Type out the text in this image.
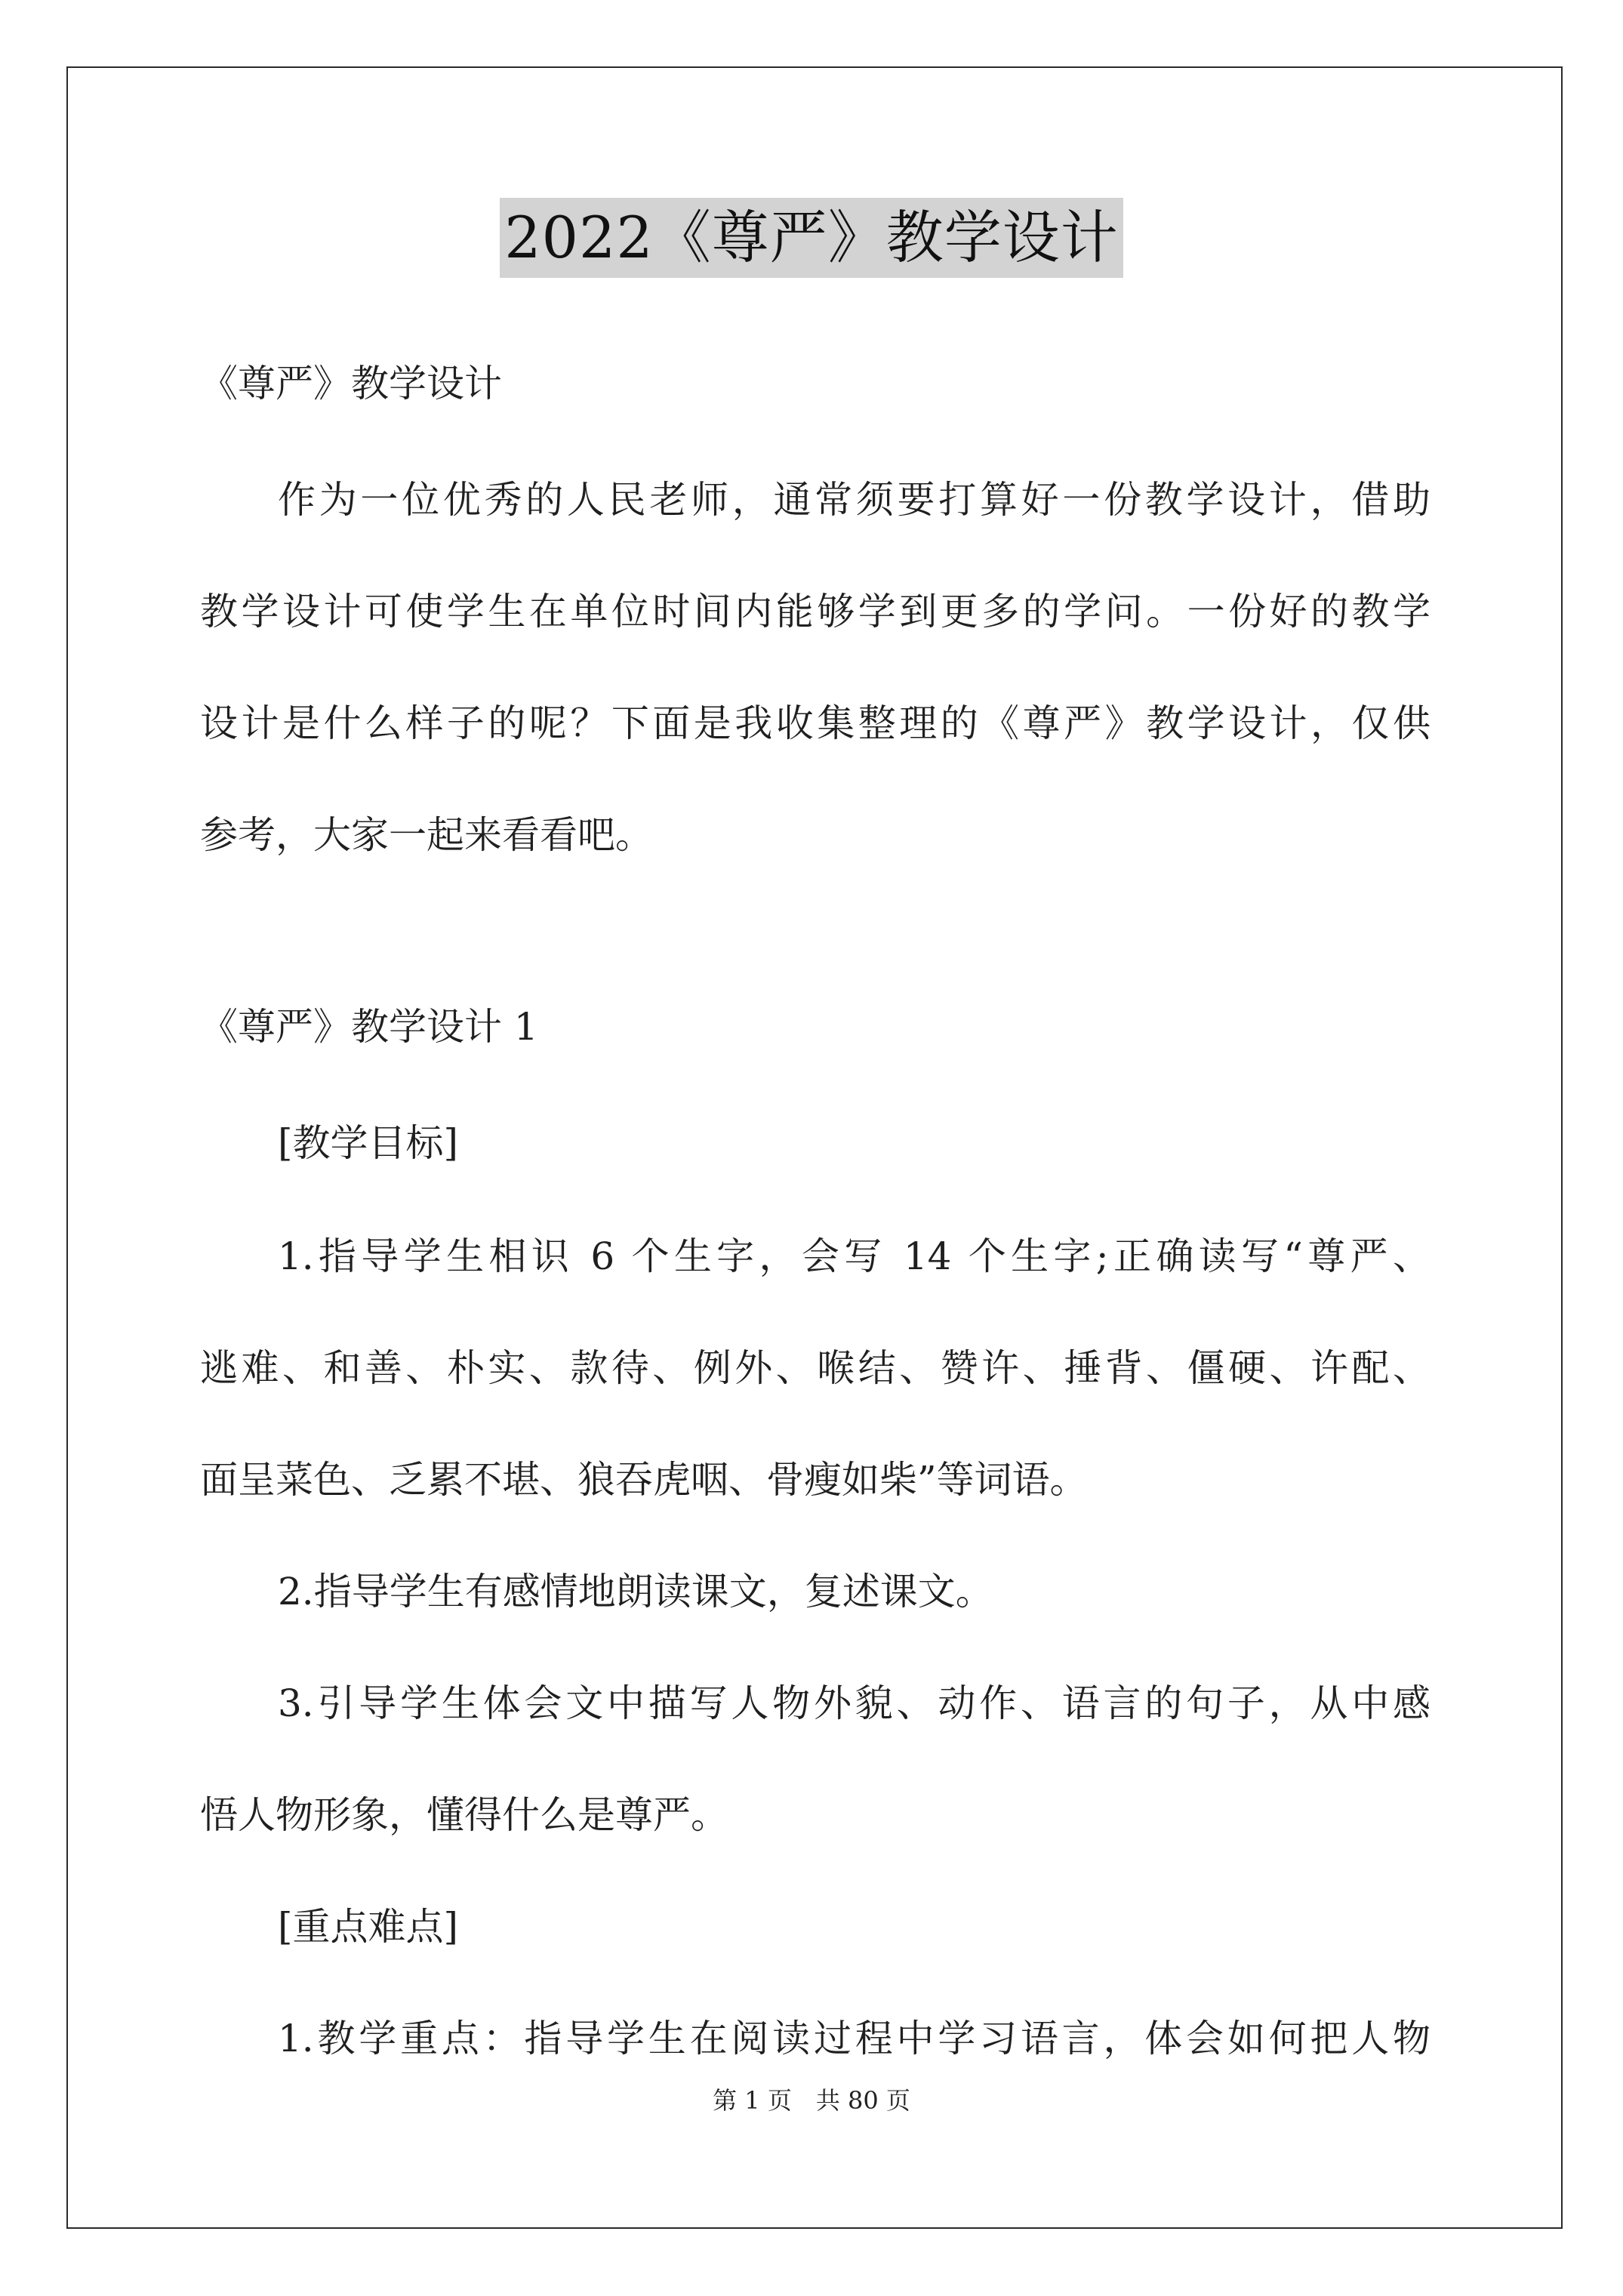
2022《尊严》教学设计
《尊严》教学设计
作为一位优秀的人民老师，通常须要打算好一份教学设计，借助
教学设计可使学生在单位时间内能够学到更多的学问。一份好的教学
设计是什么样子的呢？下面是我收集整理的《尊严》教学设计，仅供
参考，大家一起来看看吧。
《尊严》教学设计 1
[教学目标]
1.指导学生相识 6 个生字，会写 14 个生字;正确读写“尊严、
逃难、和善、朴实、款待、例外、喉结、赞许、捶背、僵硬、许配、
面呈菜色、乏累不堪、狼吞虎咽、骨瘦如柴”等词语。
2.指导学生有感情地朗读课文，复述课文。
3.引导学生体会文中描写人物外貌、动作、语言的句子，从中感
悟人物形象，懂得什么是尊严。
[重点难点]
1.教学重点：指导学生在阅读过程中学习语言，体会如何把人物
第 1 页　共 80 页
